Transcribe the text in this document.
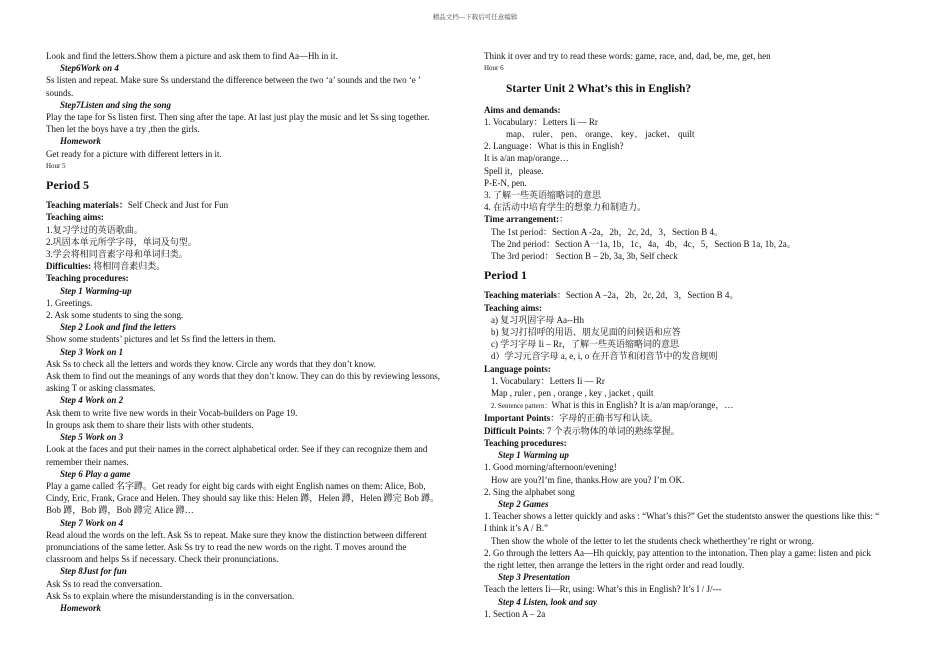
精品文档---下载后可任意编辑
Look and find the letters.Show them a picture and ask them to find Aa—Hh in it.
Step6Work on 4
Ss listen and repeat. Make sure Ss understand the difference between the two ‘a’ sounds and the two ‘e ’
sounds.
Step7Listen and sing the song
Play the tape for Ss listen first. Then sing after the tape. At last just play the music and let Ss sing together.
Then let the boys have a try ,then the girls.
Homework
Get ready for a picture with different letters in it.
Hour 5
Period 5
Teaching materials：Self Check and Just for Fun
Teaching aims:
1.复习学过的英语歌曲。
2.巩固本单元所学字母，单词及句型。
3.学会将相同音素字母和单词归类。
Difficulties: 将相同音素归类。
Teaching procedures:
Step 1 Warming-up
1. Greetings.
2. Ask some students to sing the song.
Step 2 Look and find the letters
Show some students’ pictures and let Ss find the letters in them.
Step 3 Work on 1
Ask Ss to check all the letters and words they know. Circle any words that they don’t know.
Ask them to find out the meanings of any words that they don’t know. They can do this by reviewing lessons,
asking T or asking classmates.
Step 4 Work on 2
Ask them to write five new words in their Vocab-builders on Page 19.
In groups ask them to share their lists with other students.
Step 5 Work on 3
Look at the faces and put their names in the correct alphabetical order. See if they can recognize them and
remember their names.
Step 6 Play a game
Play a game called 名字蹲。Get ready for eight big cards with eight English names on them: Alice, Bob,
Cindy, Eric, Frank, Grace and Helen. They should say like this: Helen 蹲，Helen 蹲，Helen 蹲完 Bob 蹲。
Bob 蹲，Bob 蹲，Bob 蹲完 Alice 蹲…
Step 7 Work on 4
Read aloud the words on the left. Ask Ss to repeat. Make sure they know the distinction between different
pronunciations of the same letter. Ask Ss try to read the new words on the right. T moves around the
classroom and helps Ss if necessary. Check their pronunciations.
Step 8Just for fun
Ask Ss to read the conversation.
Ask Ss to explain where the misunderstanding is in the conversation.
Homework
Think it over and try to read these words: game, race, and, dad, be, me, get, hen
Hour 6
Starter Unit 2 What’s this in English?
Aims and demands:
1. Vocabulary：Letters Ii — Rr
map、 ruler、 pen、 orange、 key、 jacket、 quilt
2. Language：What is this in English?
It is a/an map/orange…
Spell it，please.
P-E-N, pen.
3. 了解一些英语缩略词的意思
4. 在活动中培育学生的想象力和制造力。
Time arrangement:：
The 1st period：Section A -2a，2b，2c, 2d，3，Section B 4。
The 2nd period：Section A一1a, 1b，1c，4a，4b，4c，5，Section B 1a, 1b, 2a。
The 3rd period： Section B – 2b, 3a, 3b, Self check
Period 1
Teaching materials：Section A –2a，2b，2c, 2d，3，Section B 4。
Teaching aims:
a) 复习巩固字母 Aa--Hh
b) 复习打招呼的用语、朋友见面的问候语和应答
c) 学习字母 Ii – Rr，了解一些英语缩略词的意思
d）学习元音字母 a, e, i, o 在开音节和闭音节中的发音规则
Language points:
1. Vocabulary：Letters Ii — Rr
Map , ruler , pen , orange , key , jacket , quilt
2. Sentence pattern：What is this in English? It is a/an map/orange，…
Important Points：字母的正确书写和认读。
Difficult Points: 7 个表示物体的单词的熟练掌握。
Teaching procedures:
Step 1 Warming up
1. Good morning/afternoon/evening!
How are you?I’m fine, thanks.How are you? I’m OK.
2. Sing the alphabet song
Step 2 Games
1. Teacher shows a letter quickly and asks : “What’s this?” Get the studentsto answer the questions like this: “
I think it’s A / B.”
Then show the whole of the letter to let the students check whetherthey’re right or wrong.
2. Go through the letters Aa—Hh quickly, pay attention to the intonation. Then play a game: listen and pick
the right letter, then arrange the letters in the right order and read loudly.
Step 3 Presentation
Teach the letters Ii—Rr, using: What’s this in English? It’s I / J/---
Step 4 Listen, look and say
1. Section A – 2a
